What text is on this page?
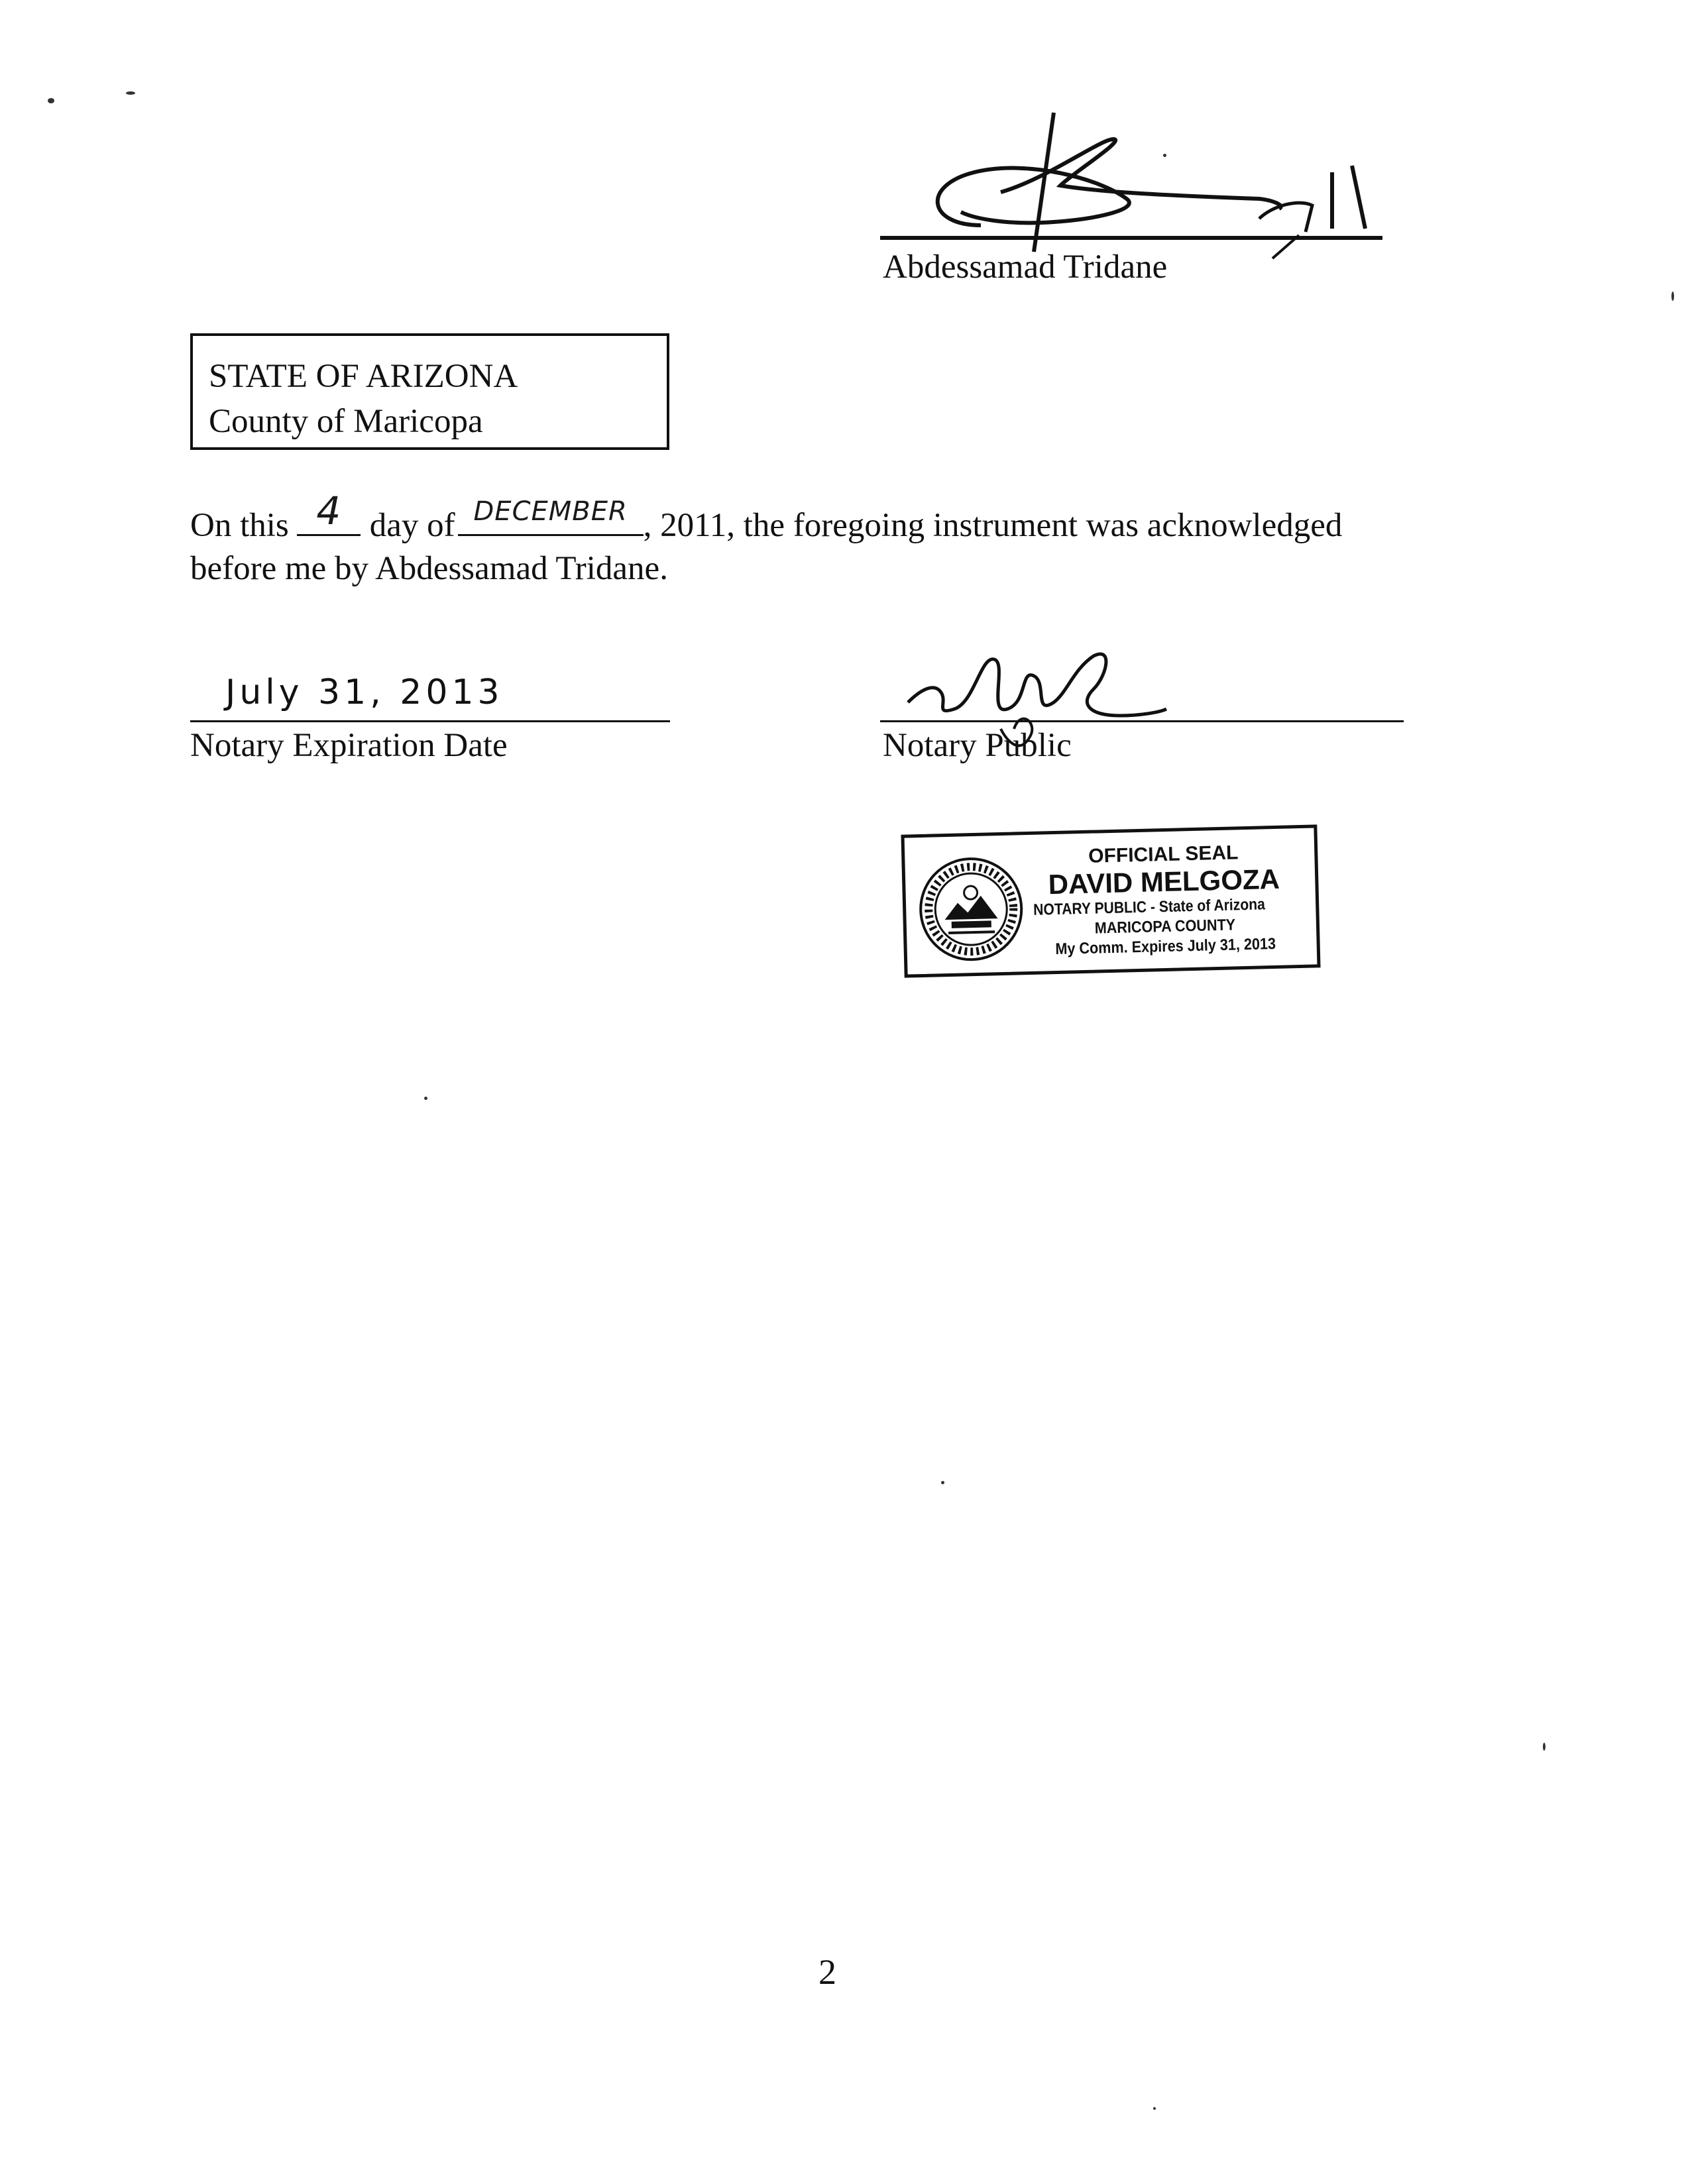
Abdessamad Tridane
STATE OF ARIZONA
County of Maricopa
On this 4 day of DECEMBER , 2011, the foregoing instrument was acknowledged
before me by Abdessamad Tridane.
July 31, 2013
Notary Expiration Date	Notary Public
OFFICIAL SEAL
DAVID MELGOZA
NOTARY PUBLIC - State of Arizona
MARICOPA COUNTY
My Comm. Expires July 31, 2013
2
